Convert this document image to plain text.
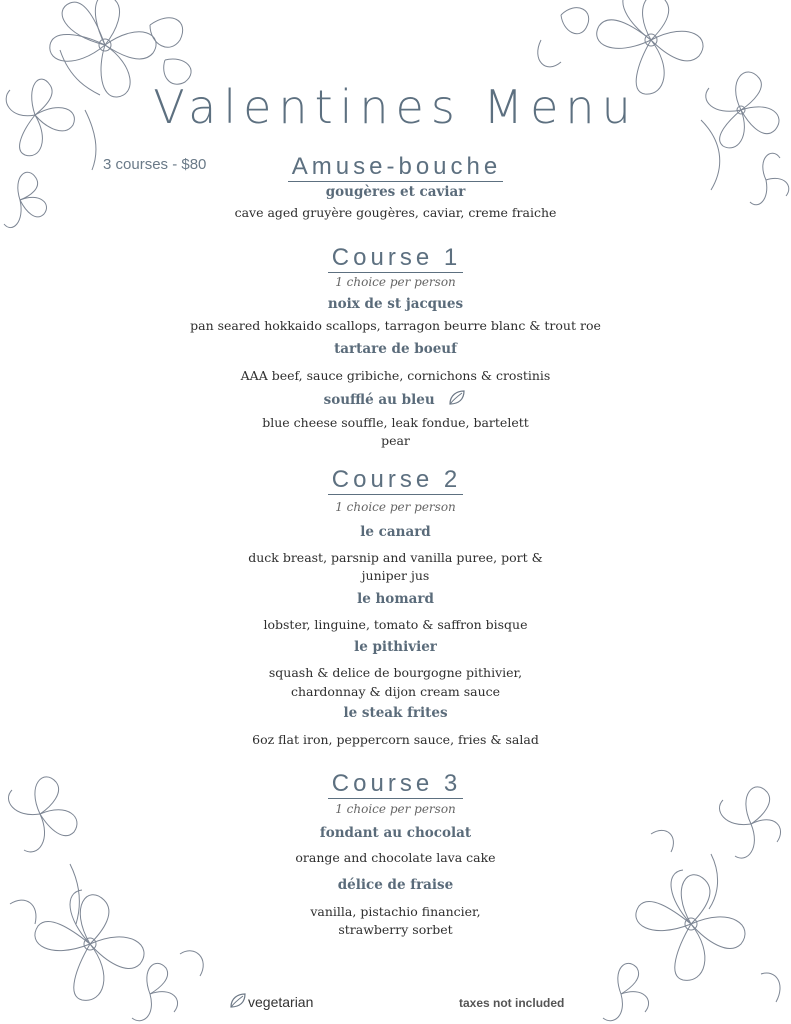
Valentines Menu
3 courses - $80	Amuse-bouche
gougères et caviar
cave aged gruyère gougères, caviar, creme fraiche
Course 1
1 choice per person
noix de st jacques
pan seared hokkaido scallops, tarragon beurre blanc & trout roe
tartare de boeuf
AAA beef, sauce gribiche, cornichons & crostinis
soufflé au bleu
blue cheese souffle, leak fondue, bartelett
pear
Course 2
1 choice per person
le canard
duck breast, parsnip and vanilla puree, port &
juniper jus
le homard
lobster, linguine, tomato & saffron bisque
le pithivier
squash & delice de bourgogne pithivier,
chardonnay & dijon cream sauce
le steak frites
6oz flat iron, peppercorn sauce, fries & salad
Course 3
1 choice per person
fondant au chocolat
orange and chocolate lava cake
délice de fraise
vanilla, pistachio financier,
strawberry sorbet
vegetarian	taxes not included
